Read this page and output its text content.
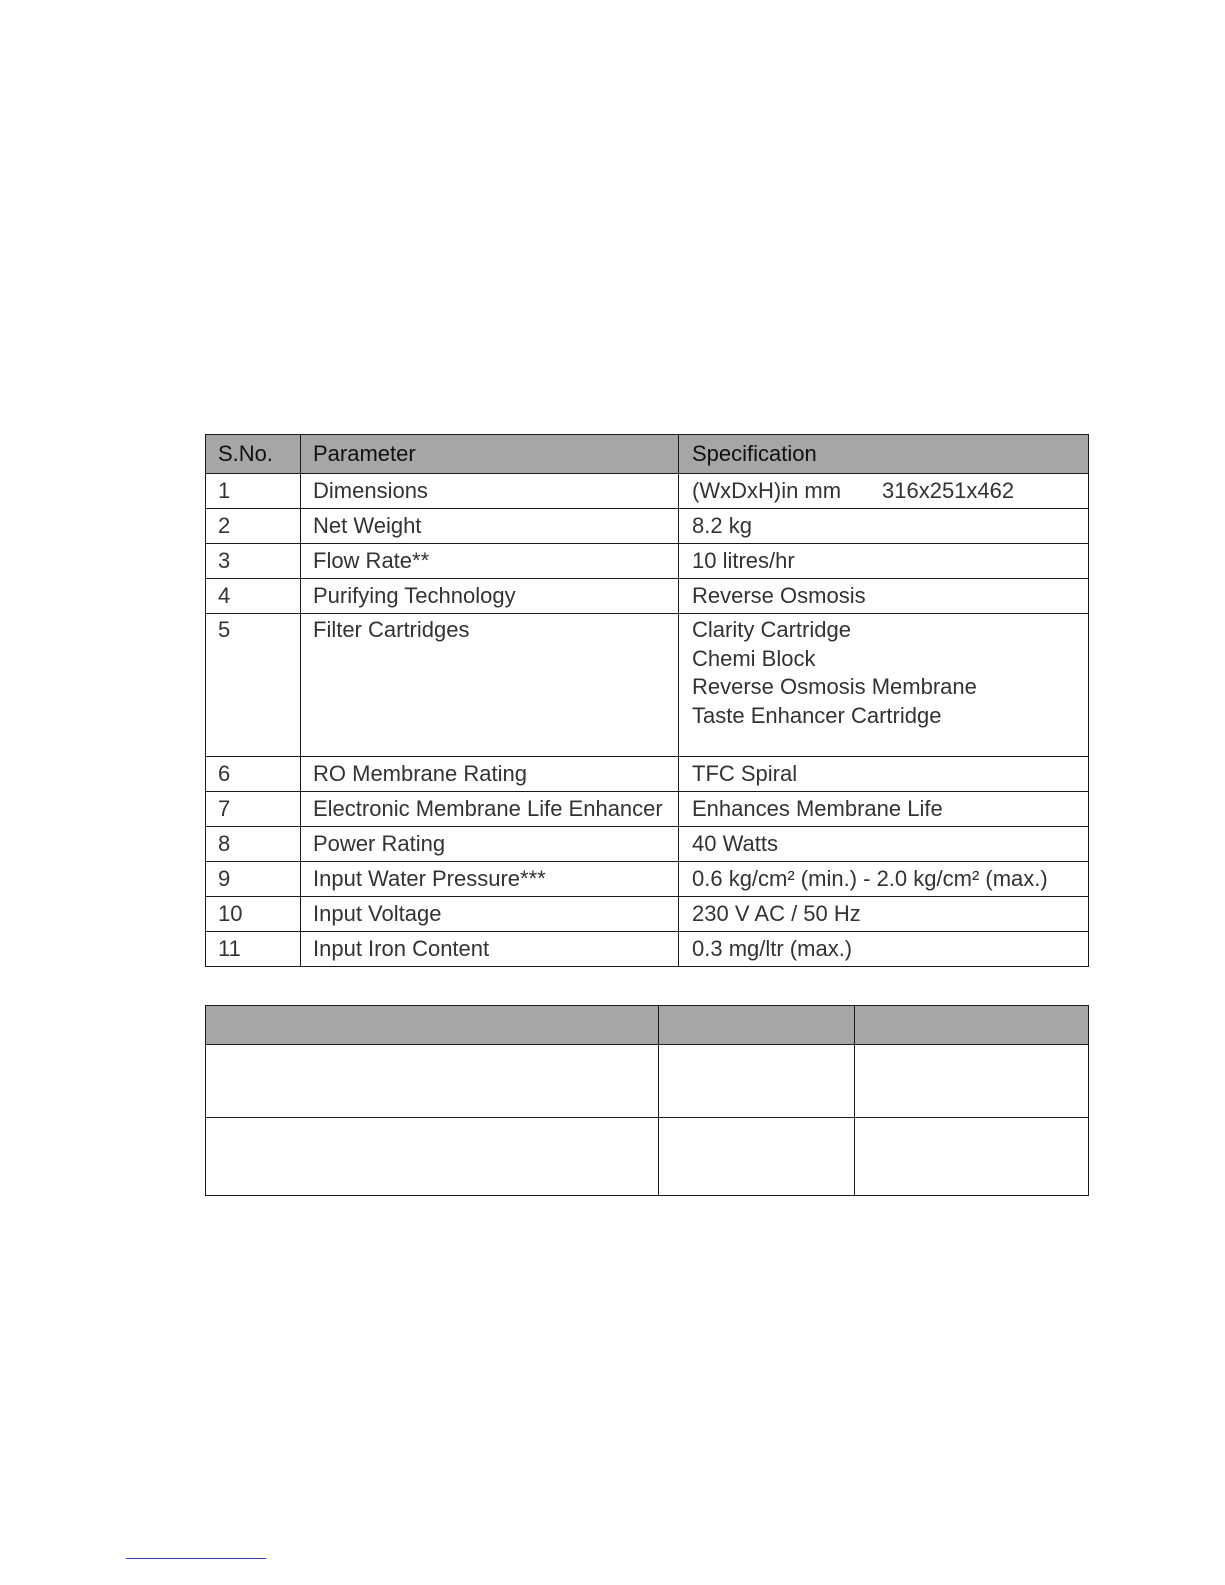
S.No.	Parameter	Specification
1	Dimensions	(WxDxH)in mm 316x251x462
2	Net Weight	8.2 kg
3	Flow Rate**	10 litres/hr
4	Purifying Technology	Reverse Osmosis
5	Filter Cartridges	Clarity Cartridge
Chemi Block
Reverse Osmosis Membrane
Taste Enhancer Cartridge

6	RO Membrane Rating	TFC Spiral
7	Electronic Membrane Life Enhancer	Enhances Membrane Life
8	Power Rating	40 Watts
9	Input Water Pressure***	0.6 kg/cm² (min.) - 2.0 kg/cm² (max.)
10	Input Voltage	230 V AC / 50 Hz
11	Input Iron Content	0.3 mg/ltr (max.)
